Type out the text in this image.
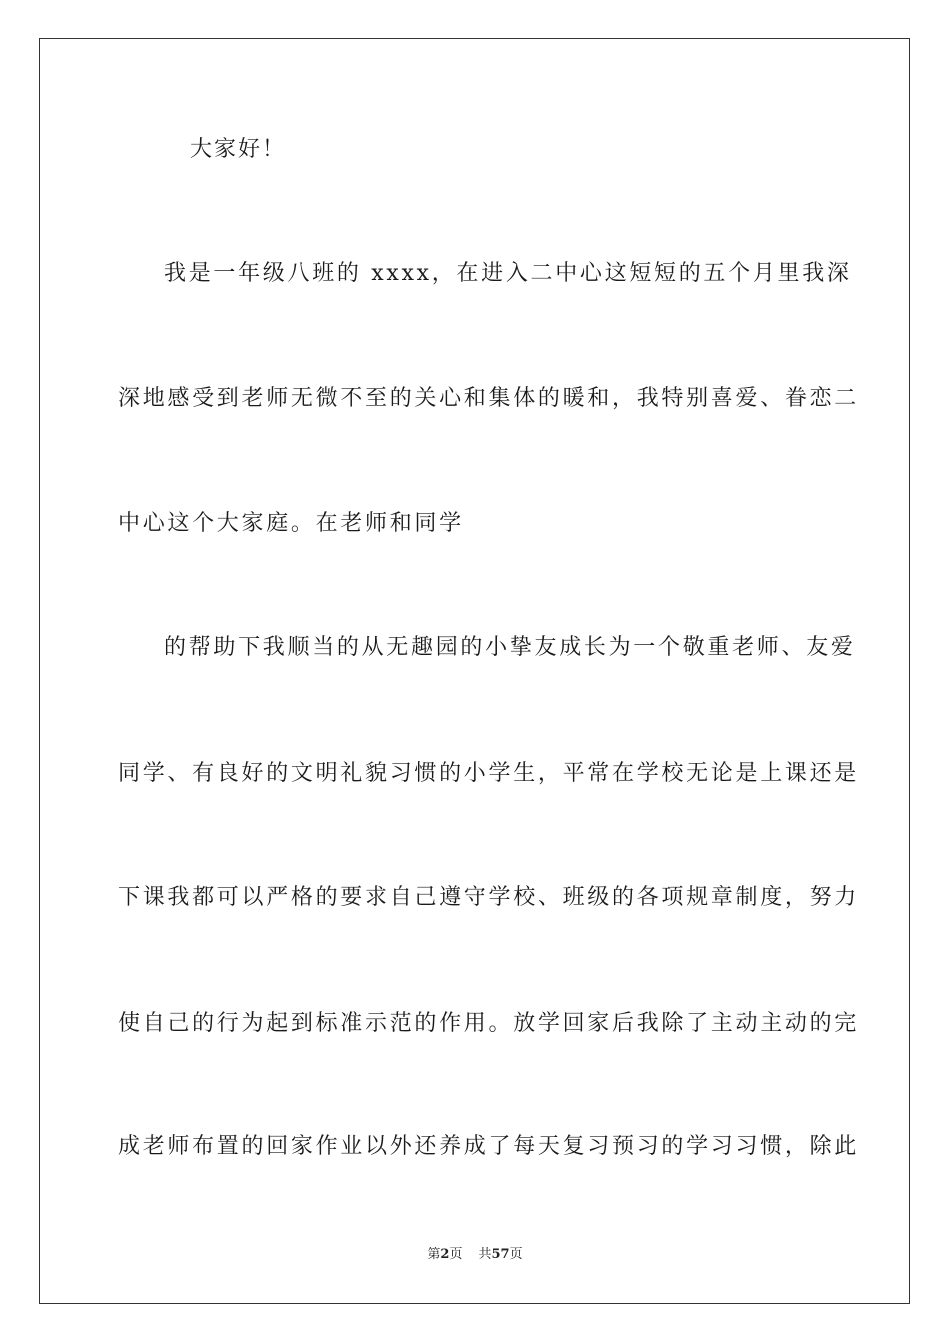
大家好！
我是一年级八班的 xxxx，在进入二中心这短短的五个月里我深
深地感受到老师无微不至的关心和集体的暖和，我特别喜爱、眷恋二
中心这个大家庭。在老师和同学
的帮助下我顺当的从无趣园的小挚友成长为一个敬重老师、友爱
同学、有良好的文明礼貌习惯的小学生，平常在学校无论是上课还是
下课我都可以严格的要求自己遵守学校、班级的各项规章制度，努力
使自己的行为起到标准示范的作用。放学回家后我除了主动主动的完
成老师布置的回家作业以外还养成了每天复习预习的学习习惯，除此
第2页 共57页
